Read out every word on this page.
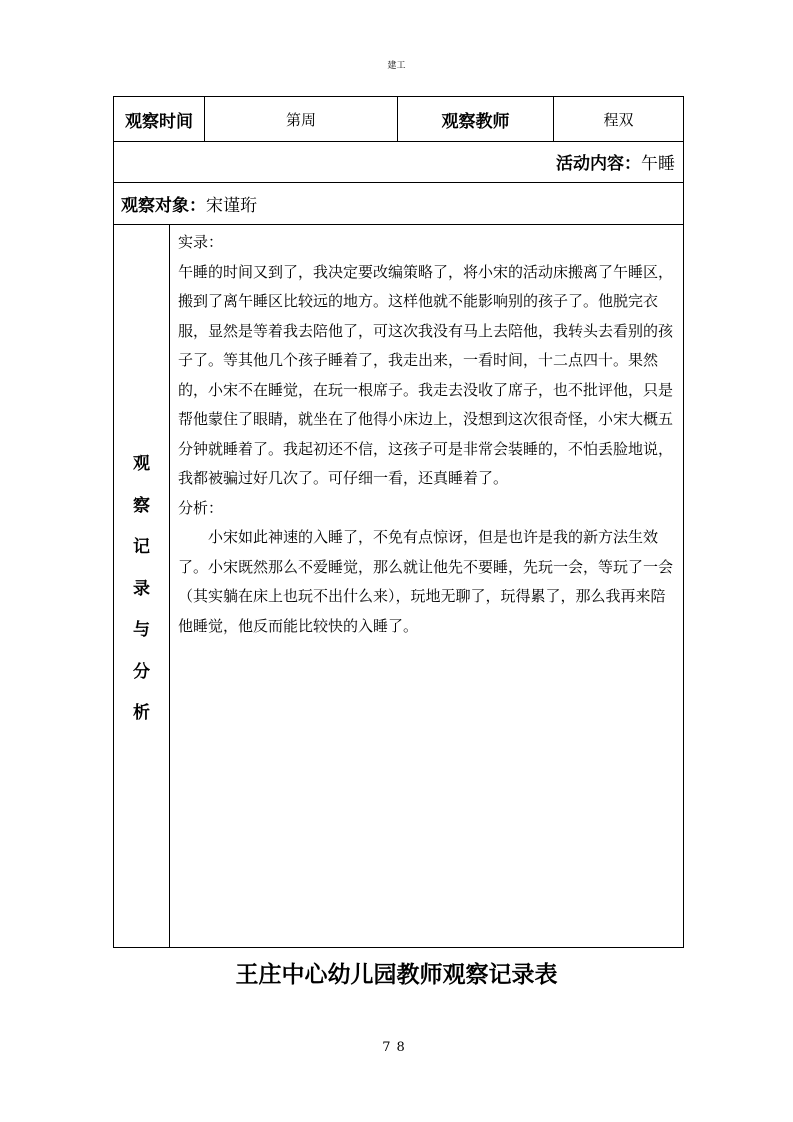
建工
观察时间	第周	观察教师	程双
活动内容： 午睡
观察对象： 宋谨珩
观
察
记
录
与
分
析

实录：

午睡的时间又到了，我决定要改编策略了，将小宋的活动床搬离了午睡区，搬到了离午睡区比较远的地方。这样他就不能影响别的孩子了。他脱完衣服，显然是等着我去陪他了，可这次我没有马上去陪他，我转头去看别的孩子了。等其他几个孩子睡着了，我走出来，一看时间，十二点四十。果然的，小宋不在睡觉，在玩一根席子。我走去没收了席子，也不批评他，只是帮他蒙住了眼睛，就坐在了他得小床边上，没想到这次很奇怪，小宋大概五分钟就睡着了。我起初还不信，这孩子可是非常会装睡的，不怕丢脸地说，我都被骗过好几次了。可仔细一看，还真睡着了。

分析：

小宋如此神速的入睡了，不免有点惊讶，但是也许是我的新方法生效了。小宋既然那么不爱睡觉，那么就让他先不要睡，先玩一会，等玩了一会（其实躺在床上也玩不出什么来），玩地无聊了，玩得累了，那么我再来陪他睡觉，他反而能比较快的入睡了。

王庄中心幼儿园教师观察记录表
78
